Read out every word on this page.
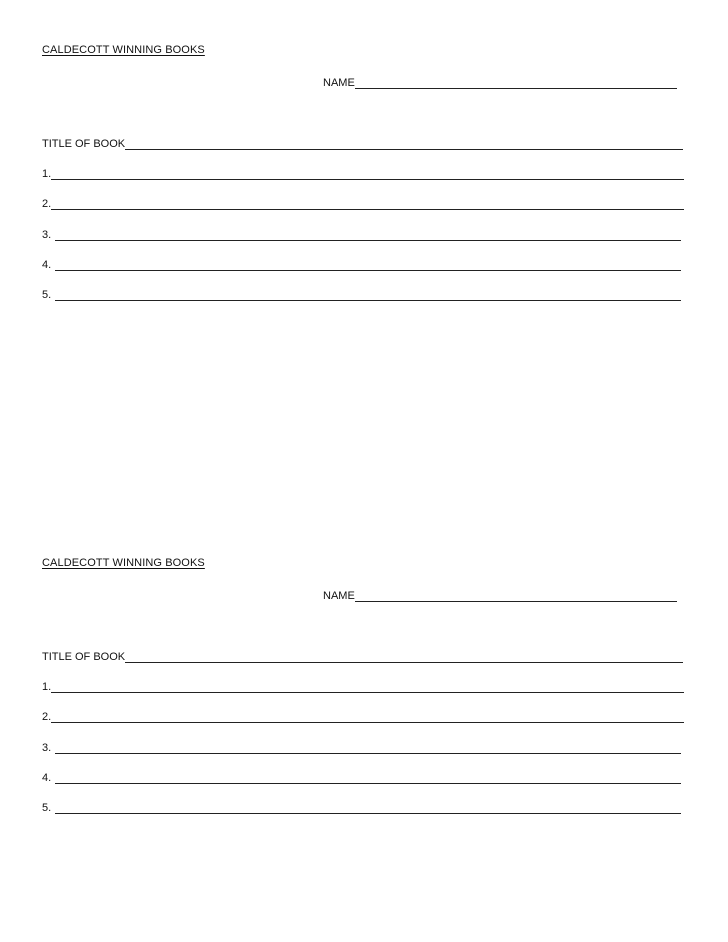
CALDECOTT WINNING BOOKS
NAME
TITLE OF BOOK
1.
2.
3.
4.
5.
CALDECOTT WINNING BOOKS
NAME
TITLE OF BOOK
1.
2.
3.
4.
5.
